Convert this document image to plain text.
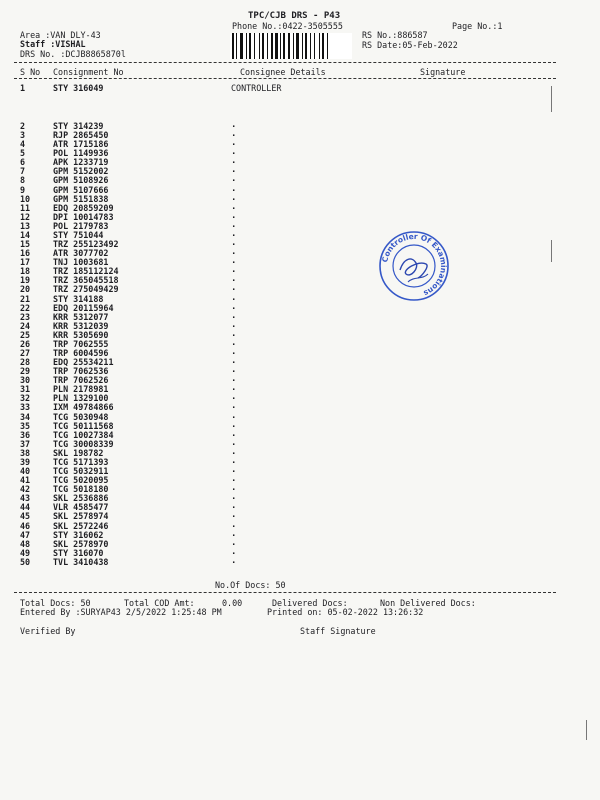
TPC/CJB DRS - P43
Phone No.:0422-3505555	Page No.:1
Area :VAN DLY-43
Staff :VISHAL
DRS No. :DCJB8865870l
RS No.:886587
RS Date:05-Feb-2022
S No Consignment No	Consignee Details	Signature
1	STY 316049	CONTROLLER
2	STY 314239	.
3	RJP 2865450	.
4	ATR 1715186	.
5	POL 1149936	.
6	APK 1233719	.
7	GPM 5152002	.
8	GPM 5108926	.
9	GPM 5107666	.
10	GPM 5151838	.
11	EDQ 20859209	.
12	DPI 10014783	.
13	POL 2179783	.
14	STY 751044	.
15	TRZ 255123492	.
16	ATR 3077702	.
17	TNJ 1003681	.
18	TRZ 185112124	.
19	TRZ 365045518	.
20	TRZ 275049429	.
21	STY 314188	.
22	EDQ 20115964	.
23	KRR 5312077	.
24	KRR 5312039	.
25	KRR 5305690	.
26	TRP 7062555	.
27	TRP 6004596	.
28	EDQ 25534211	.
29	TRP 7062536	.
30	TRP 7062526	.
31	PLN 2178981	.
32	PLN 1329100	.
33	IXM 49784866	.
34	TCG 5030948	.
35	TCG 50111568	.
36	TCG 10027384	.
37	TCG 30008339	.
38	SKL 198782	.
39	TCG 5171393	.
40	TCG 5032911	.
41	TCG 5020095	.
42	TCG 5018180	.
43	SKL 2536886	.
44	VLR 4585477	.
45	SKL 2578974	.
46	SKL 2572246	.
47	STY 316062	.
48	SKL 2578970	.
49	STY 316070	.
50	TVL 3410438	.
No.Of Docs: 50
Total Docs: 50	Total COD Amt:	0.00	Delivered Docs:	Non Delivered Docs:
Entered By :SURYAP43 2/5/2022 1:25:48 PM	Printed on: 05-02-2022 13:26:32
Verified By	Staff Signature
Controller Of Examinations
